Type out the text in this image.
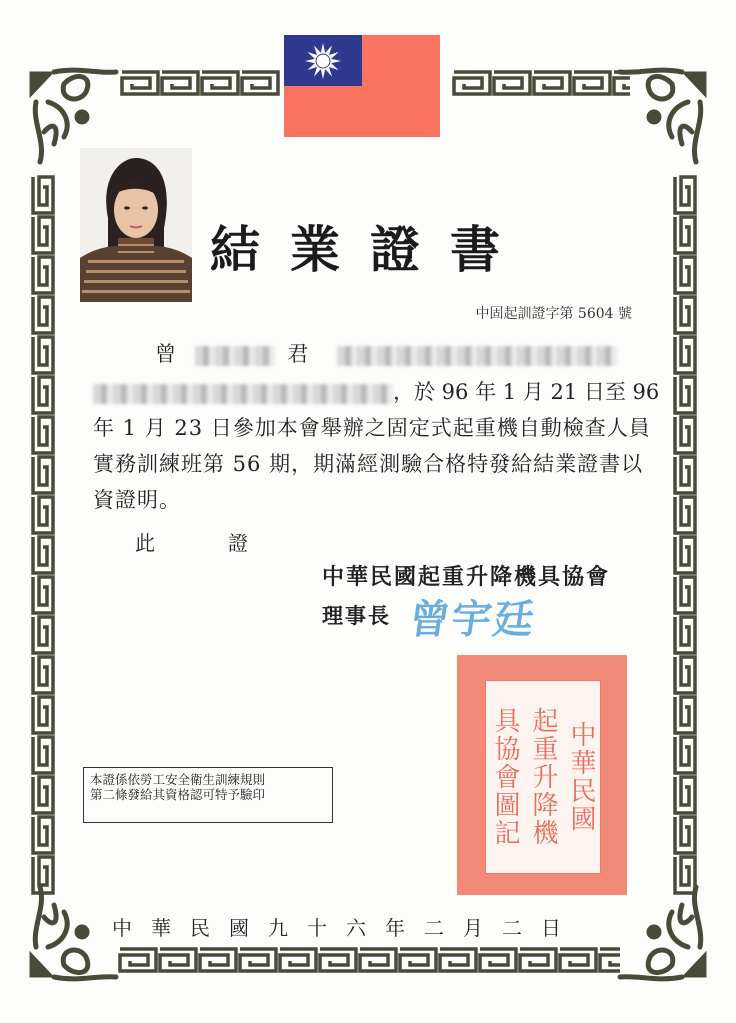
結業證書
中固起訓證字第 5604 號
曾	君
，於 96 年 1 月 21 日至 96
年 1 月 23 日參加本會舉辦之固定式起重機自動檢查人員
實務訓練班第 56 期，期滿經測驗合格特發給結業證書以
資證明。
此	證
中華民國起重升降機具協會
理事長 曾宇廷
中華民國
起重升降機
具協會圖記
本證係依勞工安全衛生訓練規則
第二條發給其資格認可特予驗印
中華民國九十六年二月二日
